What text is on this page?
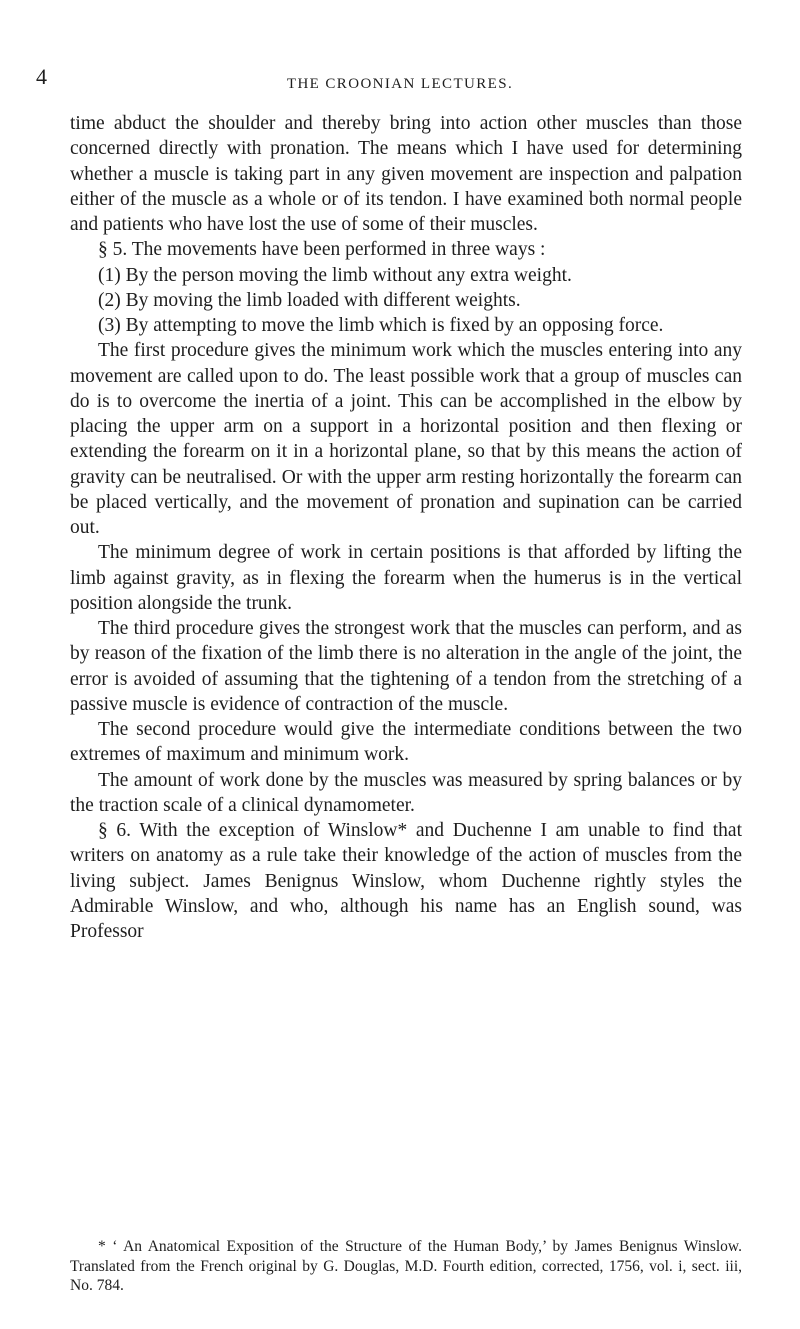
4	THE CROONIAN LECTURES.

time abduct the shoulder and thereby bring into action other muscles than those concerned directly with pronation. The means which I have used for determining whether a muscle is taking part in any given movement are inspection and palpation either of the muscle as a whole or of its tendon. I have examined both normal people and patients who have lost the use of some of their muscles.

§ 5. The movements have been performed in three ways :

(1) By the person moving the limb without any extra weight.

(2) By moving the limb loaded with different weights.

(3) By attempting to move the limb which is fixed by an opposing force.

The first procedure gives the minimum work which the muscles entering into any movement are called upon to do. The least possible work that a group of muscles can do is to overcome the inertia of a joint. This can be accomplished in the elbow by placing the upper arm on a support in a horizontal position and then flexing or extending the forearm on it in a horizontal plane, so that by this means the action of gravity can be neutralised. Or with the upper arm resting horizontally the forearm can be placed vertically, and the movement of pronation and supination can be carried out.

The minimum degree of work in certain positions is that afforded by lifting the limb against gravity, as in flexing the forearm when the humerus is in the vertical position alongside the trunk.

The third procedure gives the strongest work that the muscles can perform, and as by reason of the fixation of the limb there is no alteration in the angle of the joint, the error is avoided of assuming that the tightening of a tendon from the stretching of a passive muscle is evidence of contraction of the muscle.

The second procedure would give the intermediate conditions between the two extremes of maximum and minimum work.

The amount of work done by the muscles was measured by spring balances or by the traction scale of a clinical dynamometer.

§ 6. With the exception of Winslow* and Duchenne I am unable to find that writers on anatomy as a rule take their knowledge of the action of muscles from the living subject. James Benignus Winslow, whom Duchenne rightly styles the Admirable Winslow, and who, although his name has an English sound, was Professor

* ‘ An Anatomical Exposition of the Structure of the Human Body,’ by James Benignus Winslow. Translated from the French original by G. Douglas, M.D. Fourth edition, corrected, 1756, vol. i, sect. iii, No. 784.
